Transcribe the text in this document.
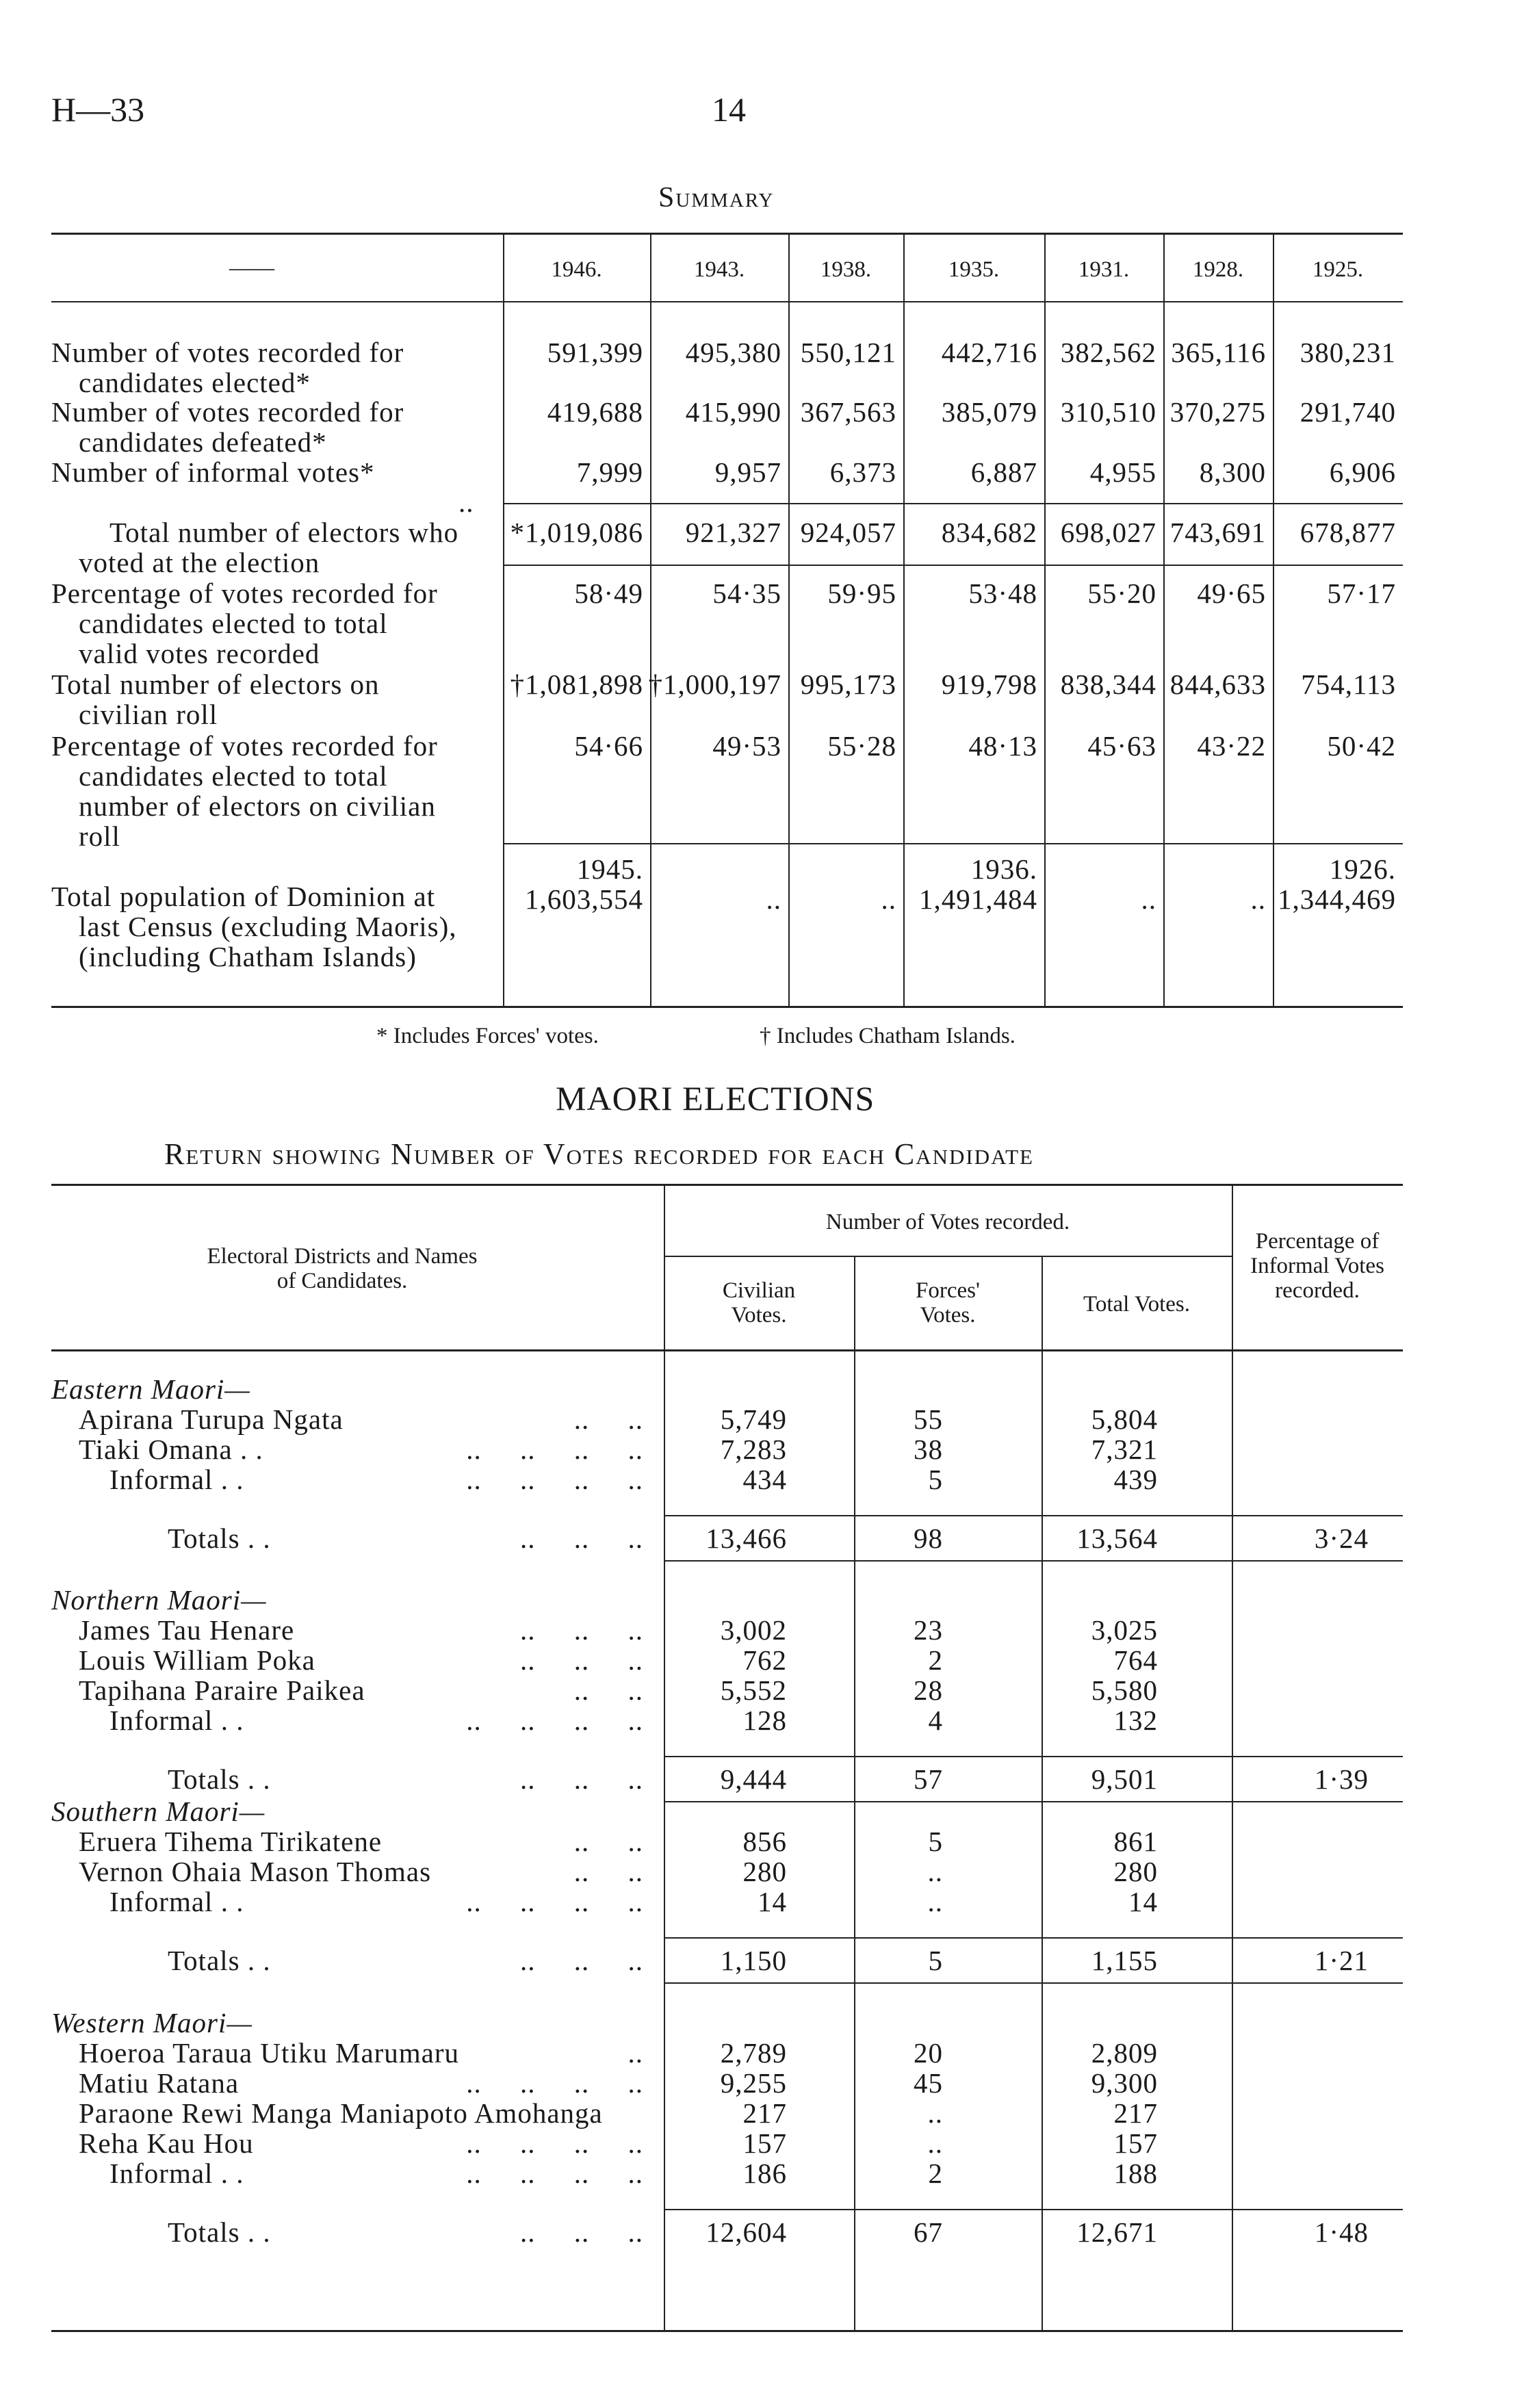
H—33	14
Summary
——	1946.	1943.	1938.	1935.	1931.	1928.	1925.
Number of votes recorded for
candidates elected*
591,399	495,380 550,121	442,716 382,562 365,116	380,231
Number of votes recorded for
candidates defeated*
419,688	415,990 367,563	385,079 310,510 370,275	291,740
Number of informal votes*
..
7,999	9,957	6,373	6,887	4,955	8,300	6,906
Total number of electors who
voted at the election
*1,019,086	921,327 924,057	834,682 698,027 743,691	678,877
Percentage of votes recorded for
candidates elected to total
valid votes recorded
58·49	54·35	59·95	53·48	55·20	49·65	57·17
Total number of electors on
civilian roll
†1,081,898 †1,000,197 995,173	919,798 838,344 844,633	754,113
Percentage of votes recorded for
candidates elected to total
number of electors on civilian
roll
54·66	49·53	55·28	48·13	45·63	43·22	50·42
Total population of Dominion at
last Census (excluding Maoris),
(including Chatham Islands)
1945.	1936.	1926.
1,603,554	..	.. 1,491,484	..	.. 1,344,469
* Includes Forces' votes.	† Includes Chatham Islands.
MAORI ELECTIONS
Return showing Number of Votes recorded for each Candidate
Electoral Districts and Names
of Candidates.
Number of Votes recorded.
Civilian
Votes.
Forces'
Votes.	Total Votes.
Percentage of
Informal Votes
recorded.
Eastern Maori—
Apirana Turupa Ngata	..     ..	5,749	55	5,804
Tiaki Omana . .	..     ..     ..     ..	7,283	38	7,321
Informal . .	..     ..     ..     ..	434	5	439
Totals . .	..     ..     ..	13,466	98	13,564	3·24
Northern Maori—
James Tau Henare	..     ..     ..	3,002	23	3,025
Louis William Poka	..     ..     ..	762	2	764
Tapihana Paraire Paikea	..     ..	5,552	28	5,580
Informal . .	..     ..     ..     ..	128	4	132
Totals . .	..     ..     ..	9,444	57	9,501	1·39
Southern Maori—
Eruera Tihema Tirikatene	..     ..	856	5	861
Vernon Ohaia Mason Thomas	..     ..	280	..	280
Informal . .	..     ..     ..     ..	14	..	14
Totals . .	..     ..     ..	1,150	5	1,155	1·21
Western Maori—
Hoeroa Taraua Utiku Marumaru	..	2,789	20	2,809
Matiu Ratana	..     ..     ..     ..	9,255	45	9,300
Paraone Rewi Manga Maniapoto Amohanga	217	..	217
Reha Kau Hou	..     ..     ..     ..	157	..	157
Informal . .	..     ..     ..     ..	186	2	188
Totals . .	..     ..     ..	12,604	67	12,671	1·48
